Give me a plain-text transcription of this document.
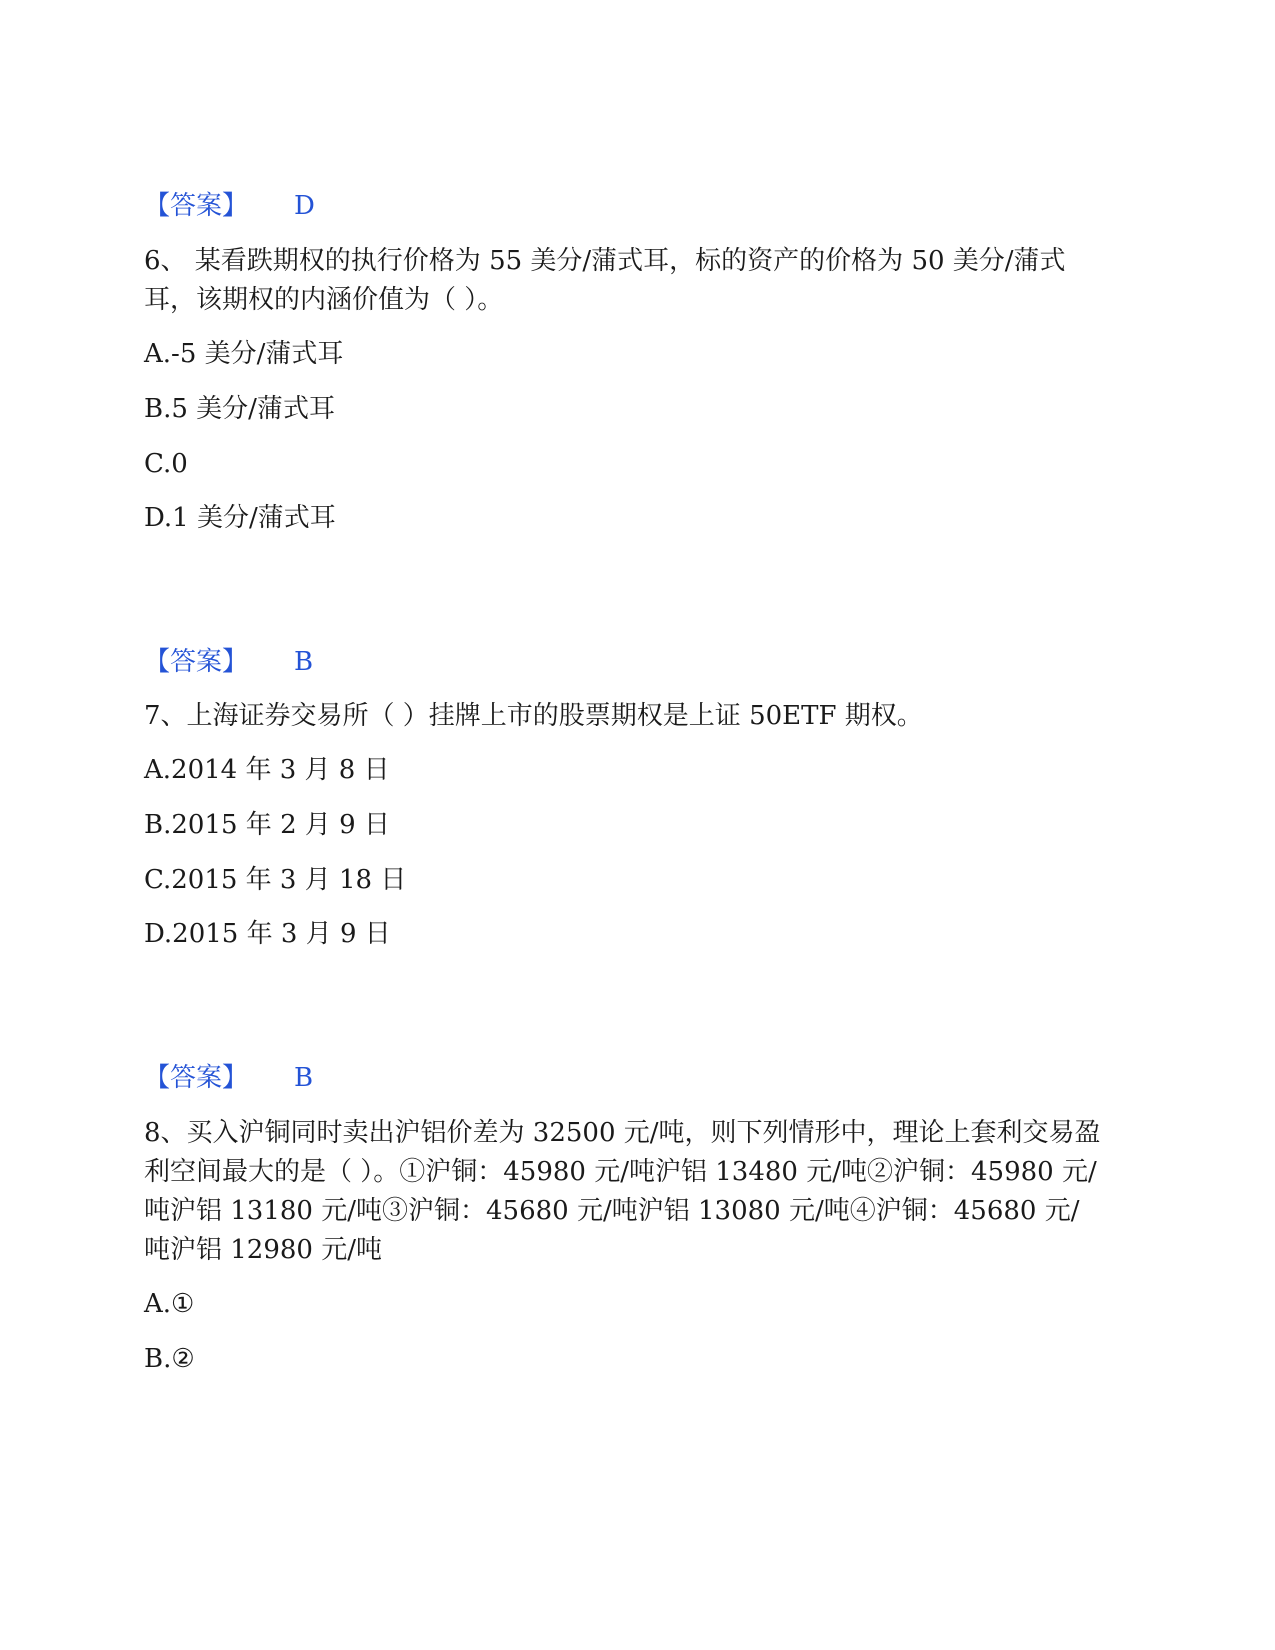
【答案】 D
6、 某看跌期权的执行价格为 55 美分/蒲式耳，标的资产的价格为 50 美分/蒲式耳，该期权的内涵价值为（ ）。
A.-5 美分/蒲式耳
B.5 美分/蒲式耳
C.0
D.1 美分/蒲式耳
【答案】 B
7、上海证券交易所（ ）挂牌上市的股票期权是上证 50ETF 期权。
A.2014 年 3 月 8 日
B.2015 年 2 月 9 日
C.2015 年 3 月 18 日
D.2015 年 3 月 9 日
【答案】 B
8、买入沪铜同时卖出沪铝价差为 32500 元/吨，则下列情形中，理论上套利交易盈利空间最大的是（ ）。①沪铜：45980 元/吨沪铝 13480 元/吨②沪铜：45980 元/吨沪铝 13180 元/吨③沪铜：45680 元/吨沪铝 13080 元/吨④沪铜：45680 元/吨沪铝 12980 元/吨
A.①
B.②
